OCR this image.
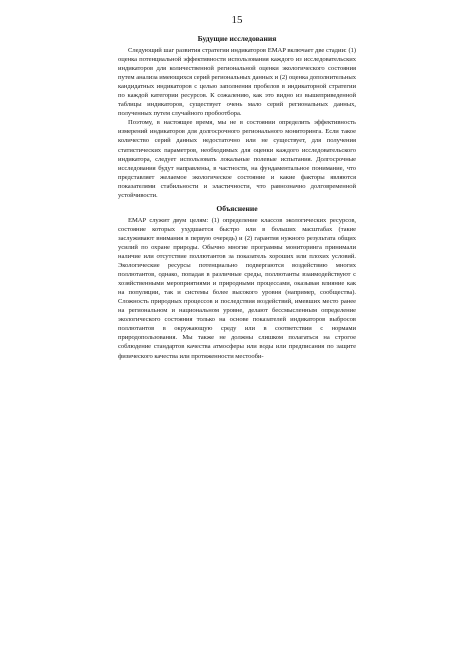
15
Будущие исследования

Следующий шаг развития стратегии индикаторов EMAP включает две стадии: (1) оценка потенциальной эффективности использования каждого из исследовательских индикаторов для количественной региональной оценки экологического состояния путем анализа имеющихся серий региональных данных и (2) оценка дополнительных кандидатных индикаторов с целью заполнения пробелов в индикаторной стратегии по каждой категории ресурсов. К сожалению, как это видно из вышеприведенной таблицы индикаторов, существует очень мало серий региональных данных, полученных путем случайного пробоотбора.

Поэтому, в настоящее время, мы не в состоянии определить эффективность измерений индикаторов для долгосрочного регионального мониторинга. Если такое количество серий данных недостаточно или не существует, для получения статистических параметров, необходимых для оценки каждого исследовательского индикатора, следует использовать локальные полевые испытания. Долгосрочные исследования будут направлены, в частности, на фундаментальное понимание, что представляет желаемое экологическое состояние и какие факторы являются показателями стабильности и эластичности, что равнозначно долговременной устойчивости.

Объяснение

EMAP служит двум целям: (1) определение классов экологических ресурсов, состояние которых ухудшается быстро или в больших масштабах (такие заслуживают внимания в первую очередь) и (2) гарантия нужного результата общих усилий по охране природы. Обычно многие программы мониторинга принимали наличие или отсутствие поллютантов за показатель хороших или плохих условий. Экологические ресурсы потенциально подвергаются воздействию многих поллютантов, однако, попадая в различные среды, поллютанты взаимодействуют с хозяйственными мероприятиями и природными процессами, оказывая влияние как на популяции, так и системы более высокого уровня (например, сообщества). Сложность природных процессов и последствия воздействий, имевших место ранее на региональном и национальном уровне, делают бессмысленным определение экологического состояния только на основе показателей индикаторов выбросов поллютантов в окружающую среду или в соответствии с нормами природопользования. Мы также не должны слишком полагаться на строгое соблюдение стандартов качества атмосферы или воды или предписания по защите физического качества или протяженности местооби-
